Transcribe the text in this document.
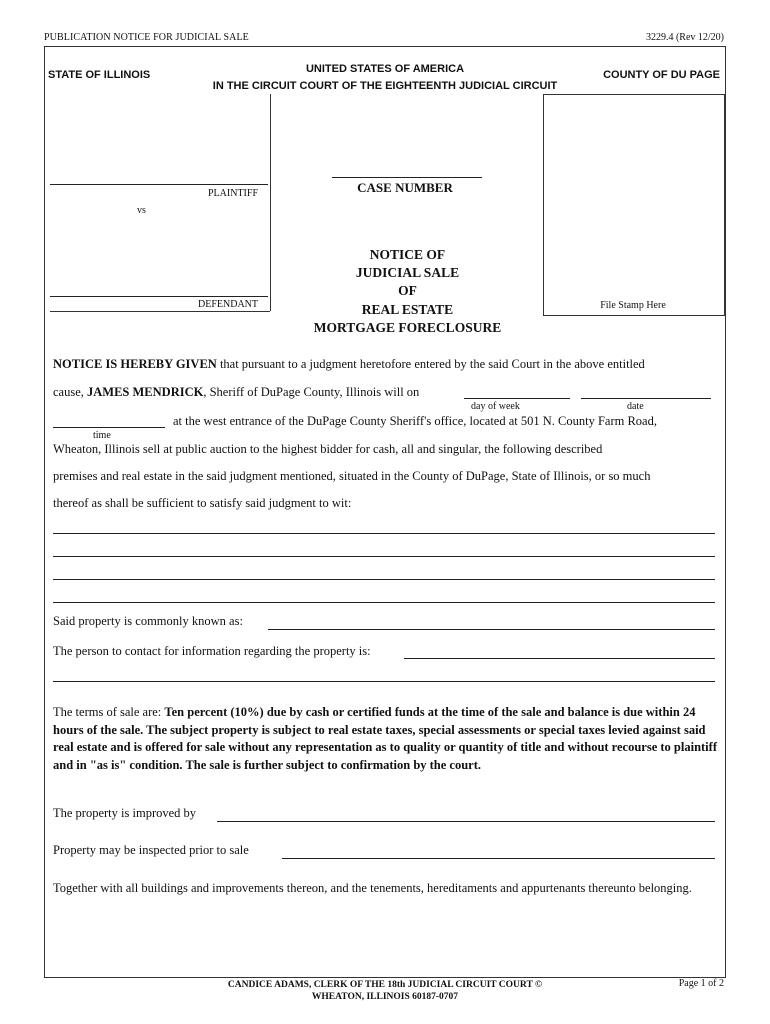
PUBLICATION NOTICE FOR JUDICIAL SALE	3229.4 (Rev 12/20)
STATE OF ILLINOIS	UNITED STATES OF AMERICA	COUNTY OF DU PAGE
IN THE CIRCUIT COURT OF THE EIGHTEENTH JUDICIAL CIRCUIT
PLAINTIFF
vs
DEFENDANT
CASE NUMBER
NOTICE OF
JUDICIAL SALE
OF
REAL ESTATE
MORTGAGE FORECLOSURE
File Stamp Here
NOTICE IS HEREBY GIVEN that pursuant to a judgment heretofore entered by the said Court in the above entitled
cause, JAMES MENDRICK, Sheriff of DuPage County, Illinois will on
day of week	date
at the west entrance of the DuPage County Sheriff's office, located at 501 N. County Farm Road,
time
Wheaton, Illinois sell at public auction to the highest bidder for cash, all and singular, the following described
premises and real estate in the said judgment mentioned, situated in the County of DuPage, State of Illinois, or so much
thereof as shall be sufficient to satisfy said judgment to wit:
Said property is commonly known as:
The person to contact for information regarding the property is:
The terms of sale are: Ten percent (10%) due by cash or certified funds at the time of the sale and balance is due within 24 hours of the sale. The subject property is subject to real estate taxes, special assessments or special taxes levied against said real estate and is offered for sale without any representation as to quality or quantity of title and without recourse to plaintiff and in "as is" condition. The sale is further subject to confirmation by the court.
The property is improved by
Property may be inspected prior to sale
Together with all buildings and improvements thereon, and the tenements, hereditaments and appurtenants thereunto belonging.
CANDICE ADAMS, CLERK OF THE 18th JUDICIAL CIRCUIT COURT ©
WHEATON, ILLINOIS 60187-0707
Page 1 of 2
